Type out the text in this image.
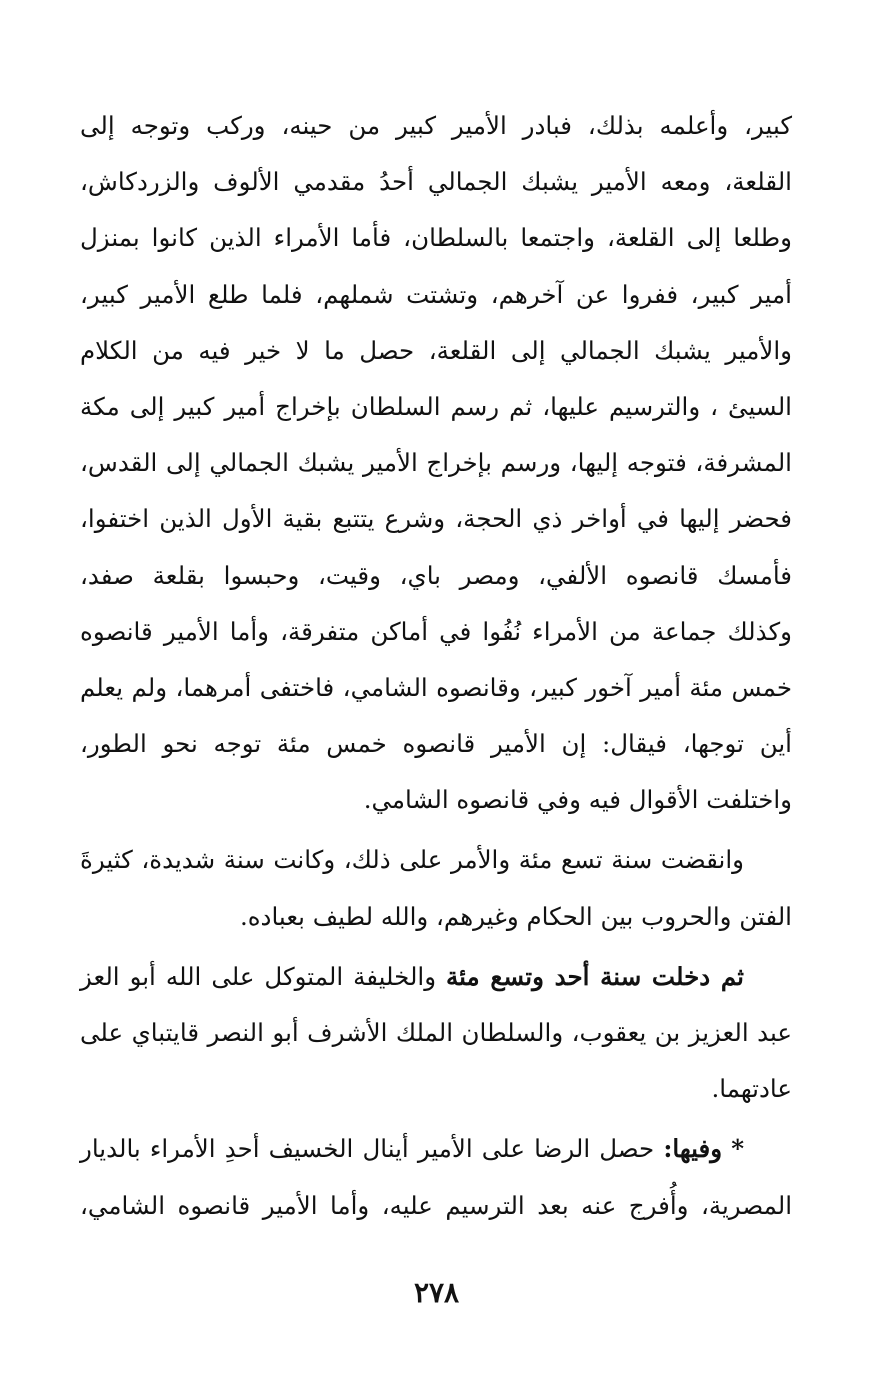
كبير، وأعلمه بذلك، فبادر الأمير كبير من حينه، وركب وتوجه إلى
القلعة، ومعه الأمير يشبك الجمالي أحدُ مقدمي الألوف والزردكاش،
وطلعا إلى القلعة، واجتمعا بالسلطان، فأما الأمراء الذين كانوا بمنزل
أمير كبير، ففروا عن آخرهم، وتشتت شملهم، فلما طلع الأمير كبير،
والأمير يشبك الجمالي إلى القلعة، حصل ما لا خير فيه من الكلام
السيئ ، والترسيم عليها، ثم رسم السلطان بإخراج أمير كبير إلى مكة
المشرفة، فتوجه إليها، ورسم بإخراج الأمير يشبك الجمالي إلى القدس،
فحضر إليها في أواخر ذي الحجة، وشرع يتتبع بقية الأول الذين اختفوا،
فأمسك قانصوه الألفي، ومصر باي، وقيت، وحبسوا بقلعة صفد،
وكذلك جماعة من الأمراء نُفُوا في أماكن متفرقة، وأما الأمير قانصوه
خمس مئة أمير آخور كبير، وقانصوه الشامي، فاختفى أمرهما، ولم يعلم
أين توجها، فيقال: إن الأمير قانصوه خمس مئة توجه نحو الطور،
واختلفت الأقوال فيه وفي قانصوه الشامي.
وانقضت سنة تسع مئة والأمر على ذلك، وكانت سنة شديدة، كثيرةَ
الفتن والحروب بين الحكام وغيرهم، والله لطيف بعباده.
ثم دخلت سنة أحد وتسع مئة والخليفة المتوكل على الله أبو العز
عبد العزيز بن يعقوب، والسلطان الملك الأشرف أبو النصر قايتباي على
عادتهما.
* وفيها: حصل الرضا على الأمير أينال الخسيف أحدِ الأمراء بالديار
المصرية، وأُفرج عنه بعد الترسيم عليه، وأما الأمير قانصوه الشامي،
٢٧٨
